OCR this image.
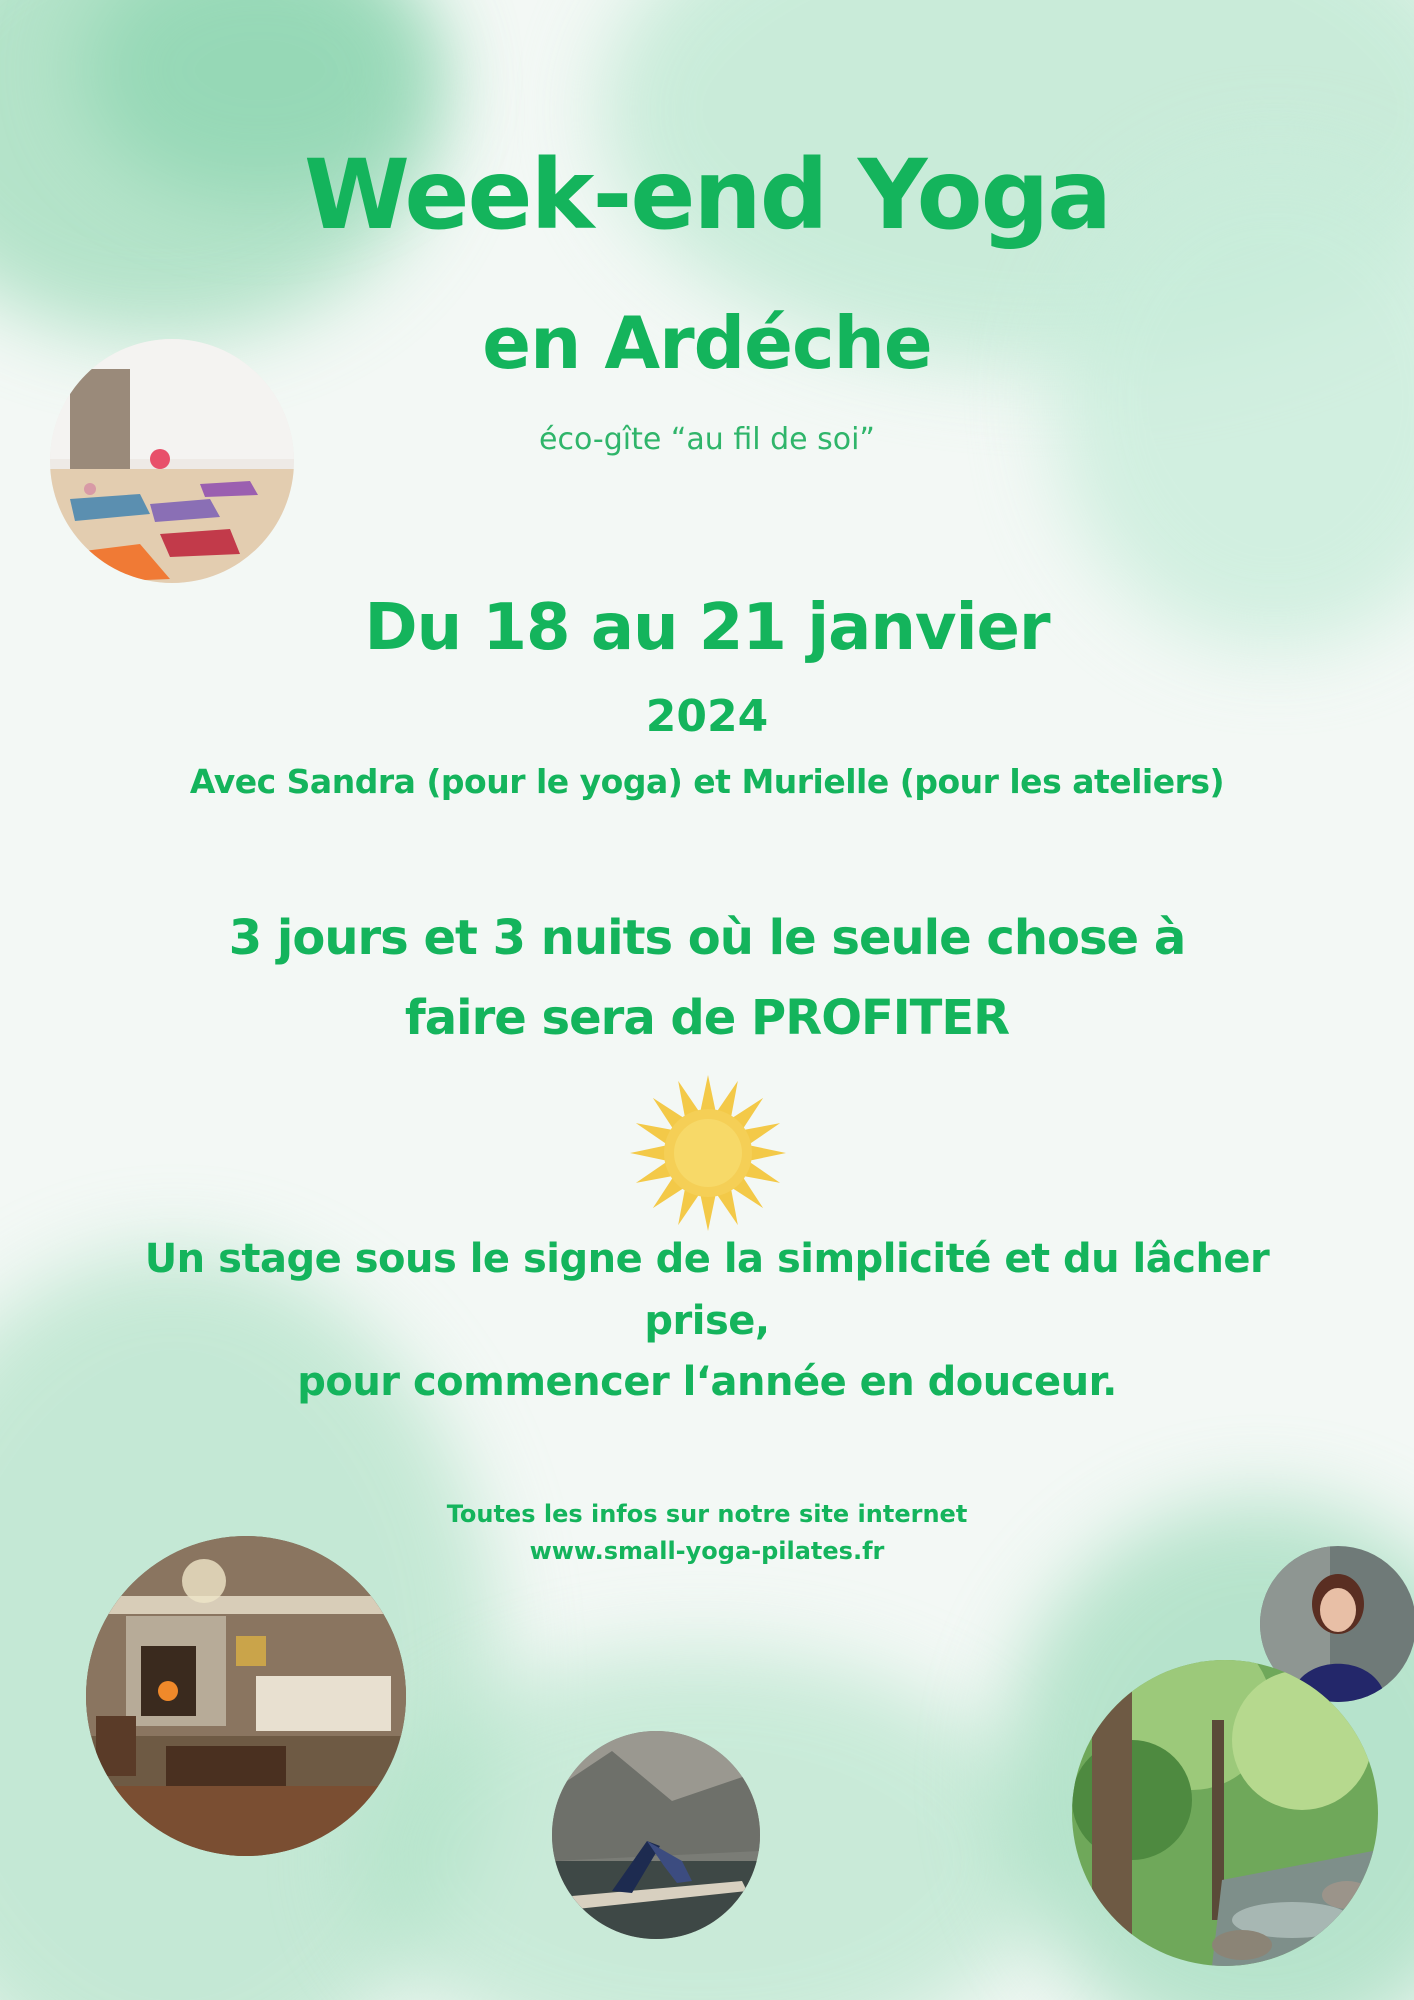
Week-end Yoga
en Ardéche
éco-gîte “au fil de soi”
Du 18 au 21 janvier
2024
Avec Sandra (pour le yoga) et Murielle (pour les ateliers)
3 jours et 3 nuits où le seule chose à
faire sera de PROFITER
Un stage sous le signe de la simplicité et du lâcher
prise,
pour commencer l‘année en douceur.
Toutes les infos sur notre site internet
www.small-yoga-pilates.fr
